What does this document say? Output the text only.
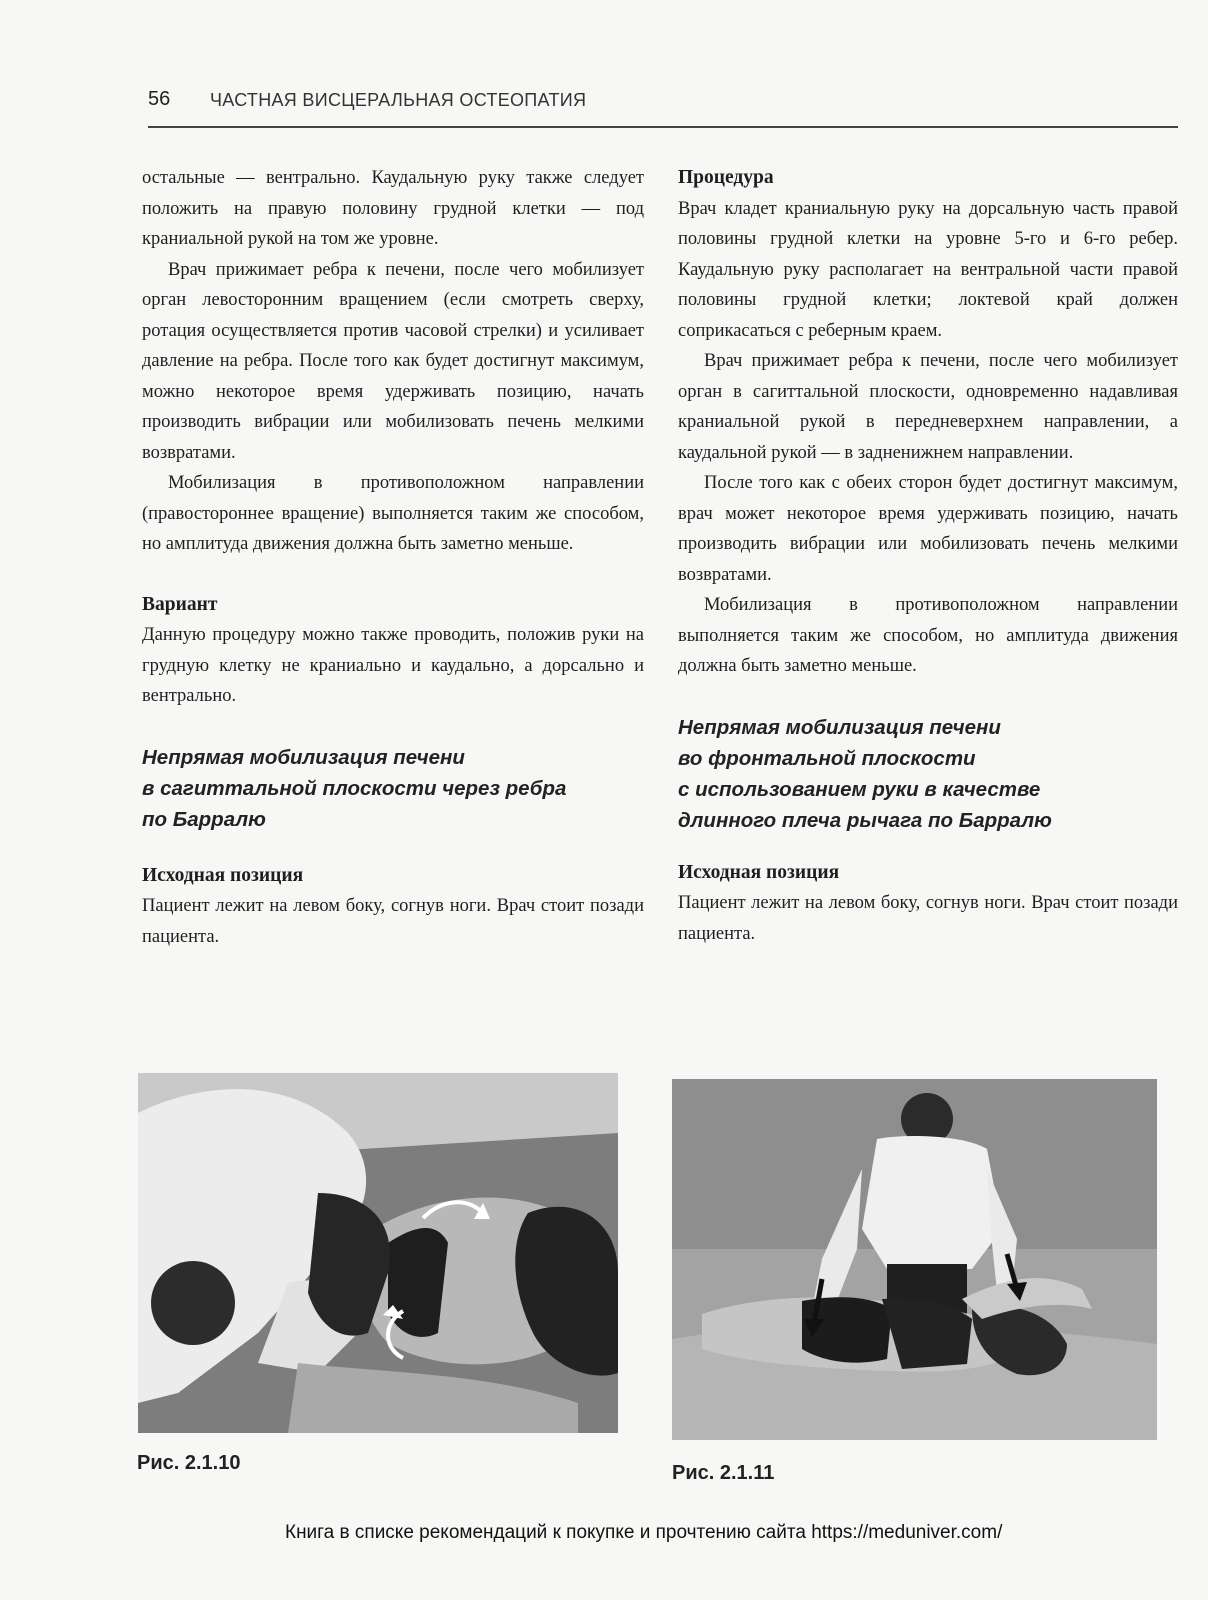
56 ЧАСТНАЯ ВИСЦЕРАЛЬНАЯ ОСТЕОПАТИЯ

остальные — вентрально. Каудальную руку также следует положить на правую половину грудной клетки — под краниальной рукой на том же уровне.

Врач прижимает ребра к печени, после чего мобилизует орган левосторонним вращением (если смотреть сверху, ротация осуществляется против часовой стрелки) и усиливает давление на ребра. После того как будет достигнут максимум, можно некоторое время удерживать позицию, начать производить вибрации или мобилизовать печень мелкими возвратами.

Мобилизация в противоположном направлении (правостороннее вращение) выполняется таким же способом, но амплитуда движения должна быть заметно меньше.

Вариант

Данную процедуру можно также проводить, положив руки на грудную клетку не краниально и каудально, а дорсально и вентрально.

Непрямая мобилизация печени

в сагиттальной плоскости через ребра

по Барралю

Исходная позиция

Пациент лежит на левом боку, согнув ноги. Врач стоит позади пациента.

Процедура

Врач кладет краниальную руку на дорсальную часть правой половины грудной клетки на уровне 5-го и 6-го ребер. Каудальную руку располагает на вентральной части правой половины грудной клетки; локтевой край должен соприкасаться с реберным краем.

Врач прижимает ребра к печени, после чего мобилизует орган в сагиттальной плоскости, одновременно надавливая краниальной рукой в передневерхнем направлении, а каудальной рукой — в задненижнем направлении.

После того как с обеих сторон будет достигнут максимум, врач может некоторое время удерживать позицию, начать производить вибрации или мобилизовать печень мелкими возвратами.

Мобилизация в противоположном направлении выполняется таким же способом, но амплитуда движения должна быть заметно меньше.

Непрямая мобилизация печени

во фронтальной плоскости

с использованием руки в качестве

длинного плеча рычага по Барралю

Исходная позиция

Пациент лежит на левом боку, согнув ноги. Врач стоит позади пациента.

Рис. 2.1.10	Рис. 2.1.11
Книга в списке рекомендаций к покупке и прочтению сайта https://meduniver.com/
